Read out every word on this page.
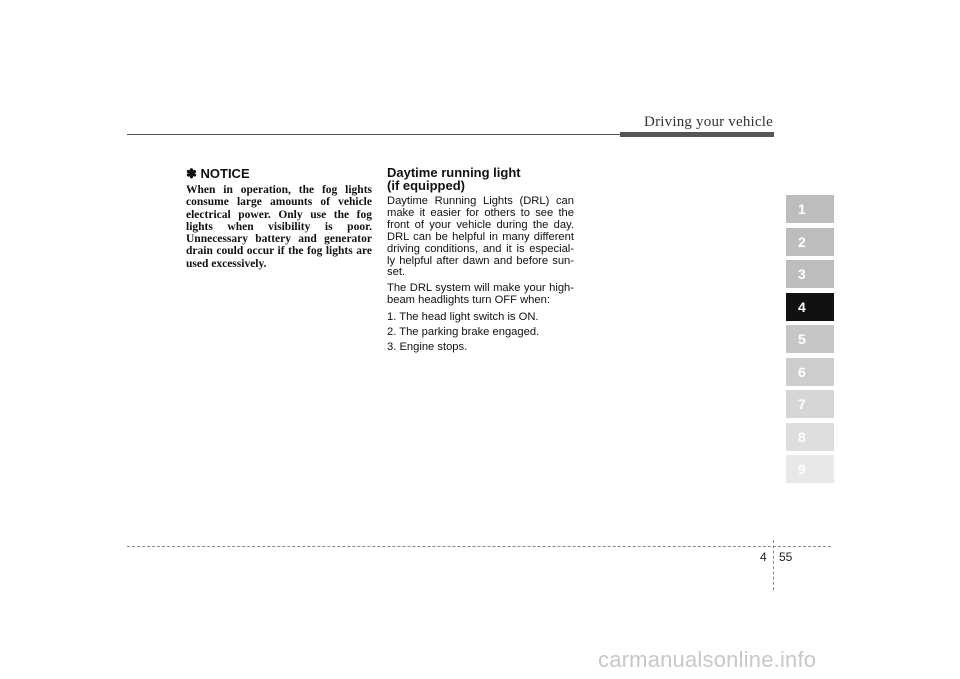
Driving your vehicle

✽ NOTICE

When in operation, the fog lights consume large amounts of vehicle electrical power. Only use the fog lights when visibility is poor. Unnecessary battery and generator drain could occur if the fog lights are used excessively.

Daytime running light
(if equipped)

Daytime Running Lights (DRL) can make it easier for others to see the front of your vehicle during the day. DRL can be helpful in many different driving conditions, and it is especial-ly helpful after dawn and before sun-set.

The DRL system will make your high-beam headlights turn OFF when:

1. The head light switch is ON.
2. The parking brake engaged.
3. Engine stops.
1
2
3
4
5
6
7
8
9
4 55
carmanualsonline.info
